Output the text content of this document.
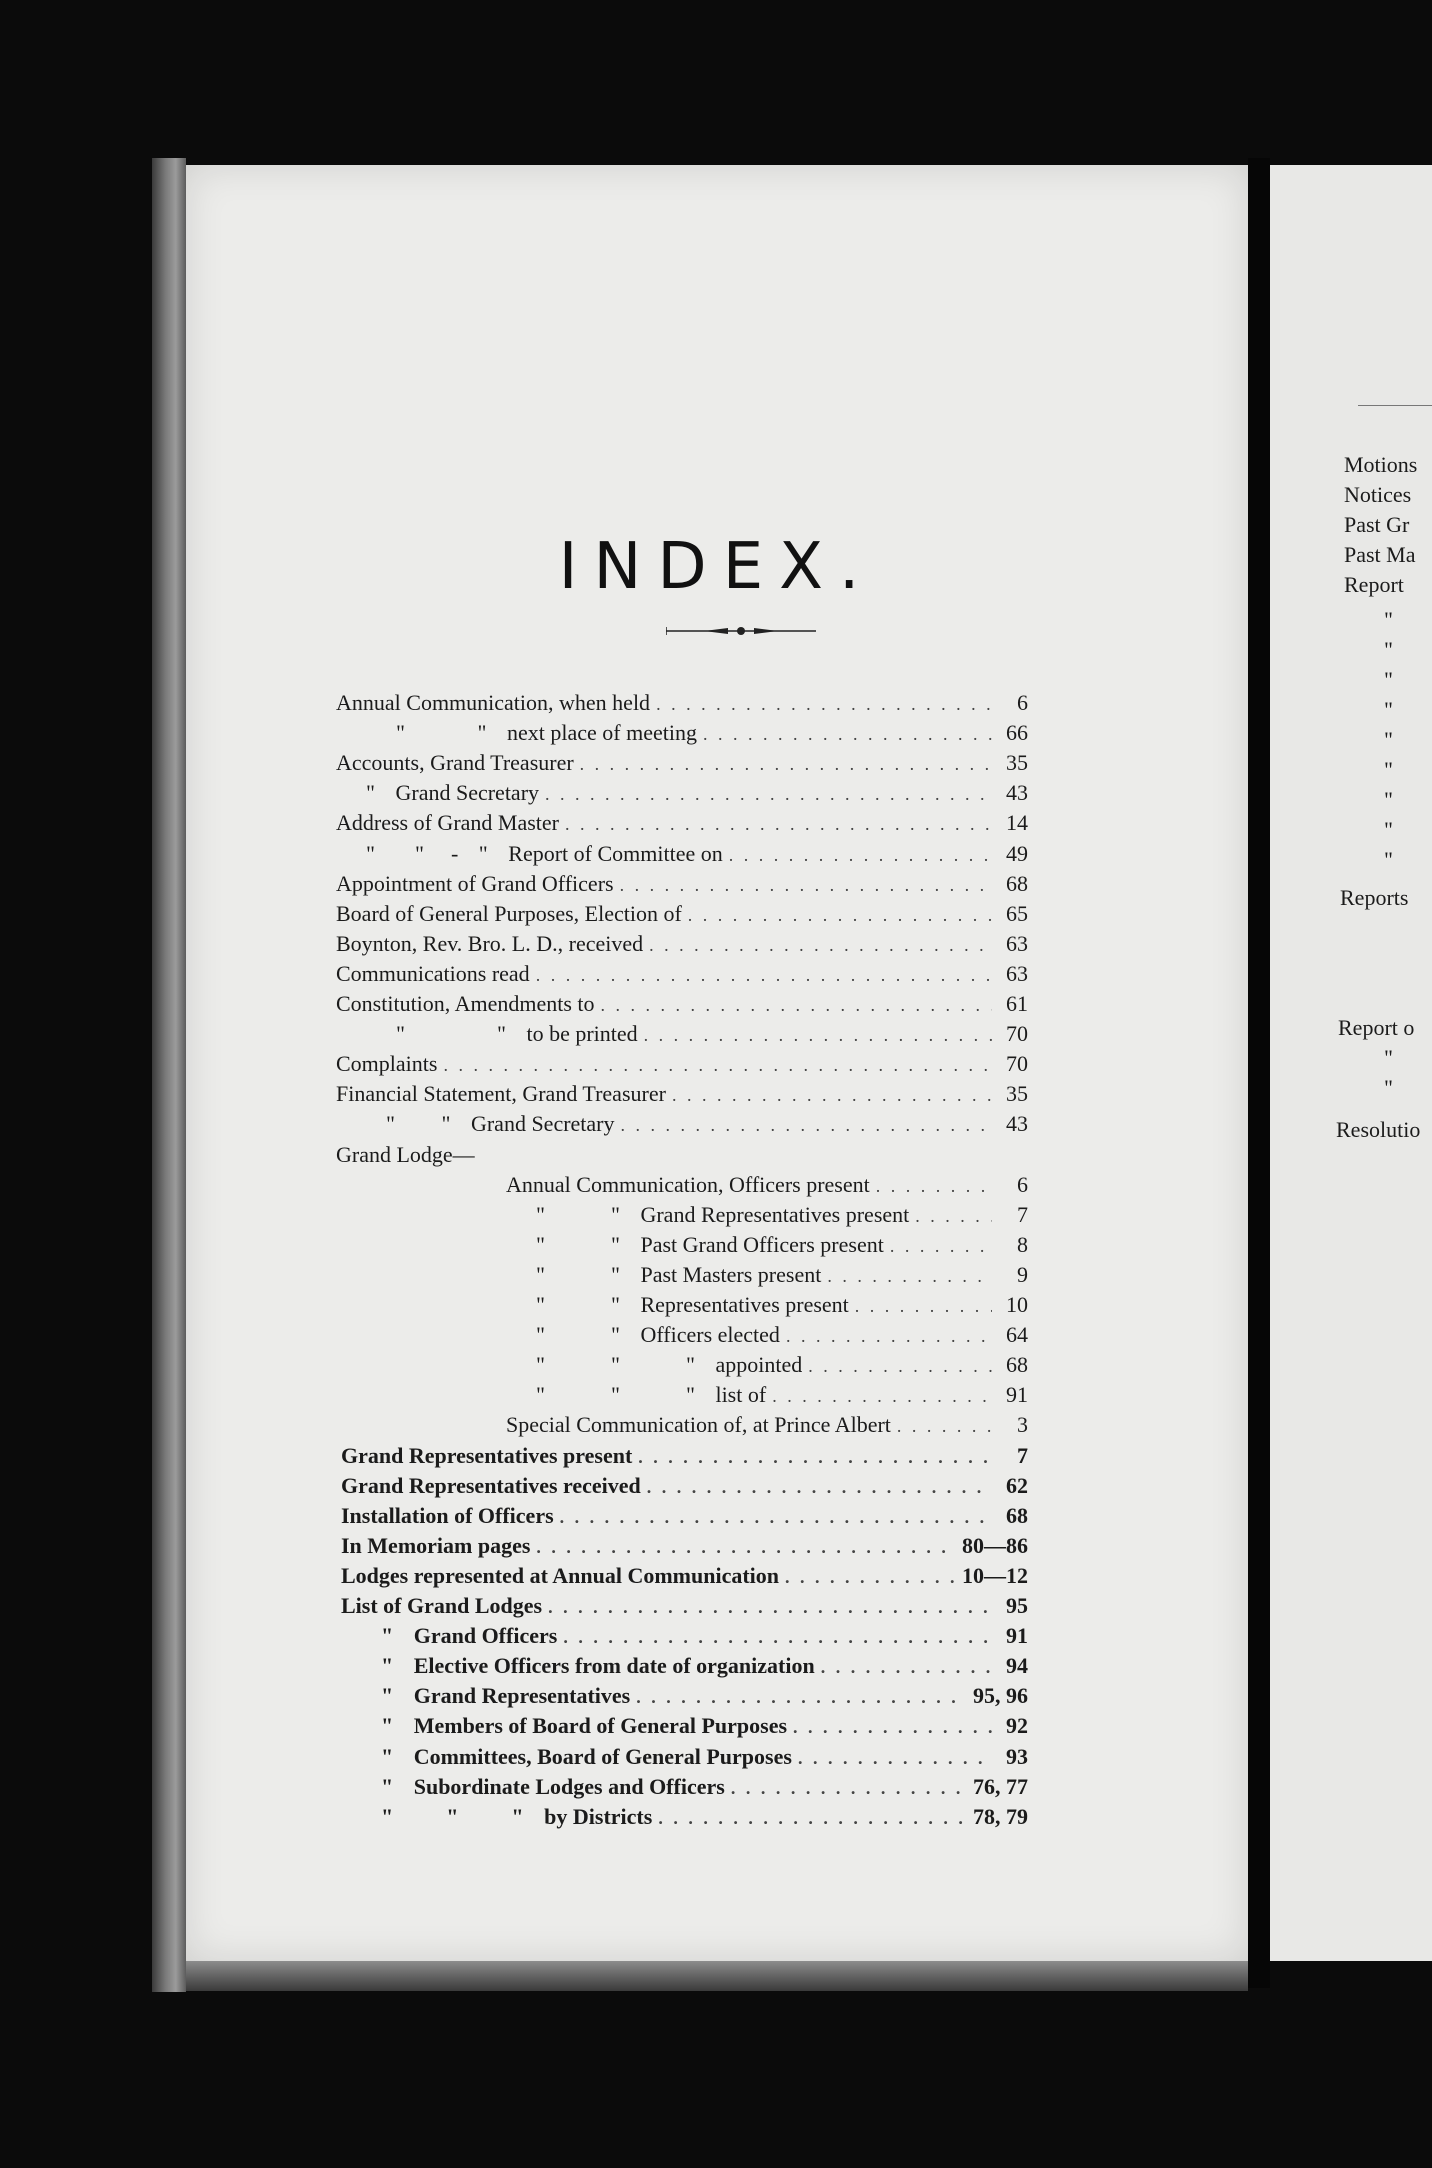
INDEX.
Annual Communication, when held . . .	6
"           "   next place of meeting . . .	66
Accounts, Grand Treasurer . . .	35
"   Grand Secretary . . .	43
Address of Grand Master . . .	14
"      "    -   "   Report of Committee on . . .	49
Appointment of Grand Officers . . .	68
Board of General Purposes, Election of . . .	65
Boynton, Rev. Bro. L. D., received . . .	63
Communications read . . .	63
Constitution, Amendments to . . .	61
"              "   to be printed . . .	70
Complaints . . .	70
Financial Statement, Grand Treasurer . . .	35
"       "   Grand Secretary . . .	43
Grand Lodge—
Annual Communication, Officers present . . .	6
"          "   Grand Representatives present . . .	7
"          "   Past Grand Officers present . . .	8
"          "   Past Masters present . . .	9
"          "   Representatives present . . .	10
"          "   Officers elected . . .	64
"          "          "   appointed . . .	68
"          "          "   list of . . .	91
Special Communication of, at Prince Albert . . .	3
Grand Representatives present . . .	7
Grand Representatives received . . .	62
Installation of Officers . . .	68
In Memoriam pages . . .	80—86
Lodges represented at Annual Communication . . .	10—12
List of Grand Lodges . . .	95
"   Grand Officers . . .	91
"   Elective Officers from date of organization . . .	94
"   Grand Representatives . . .	95, 96
"   Members of Board of General Purposes . . .	92
"   Committees, Board of General Purposes . . .	93
"   Subordinate Lodges and Officers . . .	76, 77
"        "        "   by Districts . . .	78, 79
Motions
Notices
Past Gr
Past Ma
Report
"
"
"
"
"
"
"
"
"
Reports
Report o
"
"
Resolutio
